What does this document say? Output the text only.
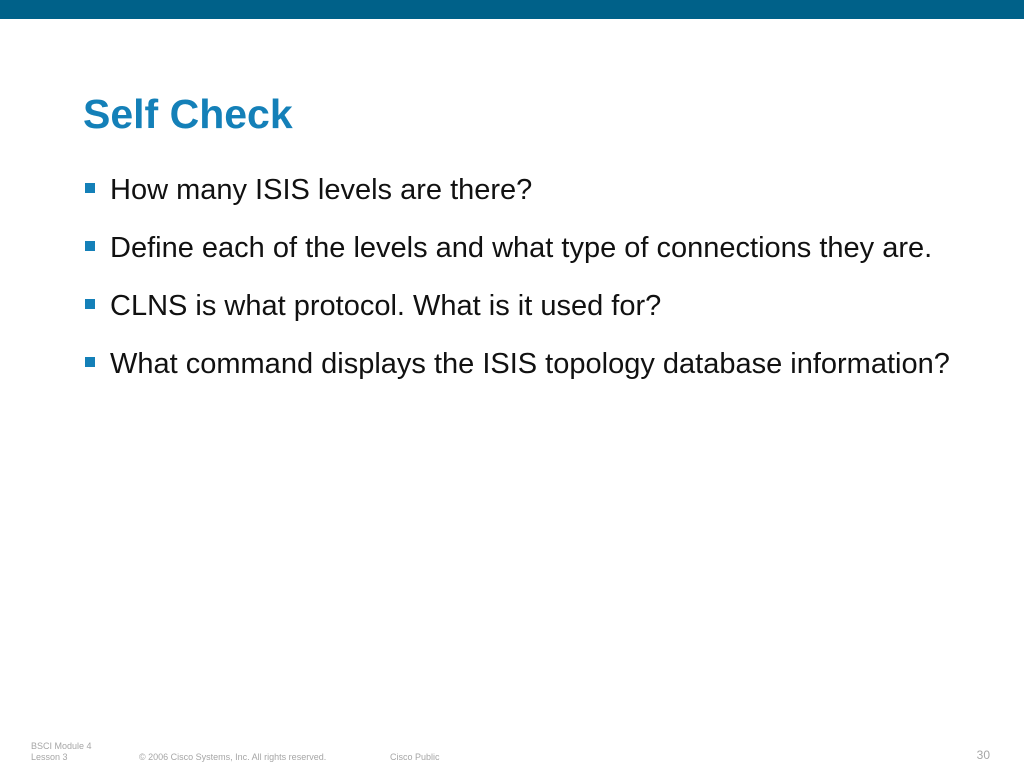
Self Check
How many ISIS levels are there?
Define each of the levels and what type of connections they are.
CLNS is what protocol. What is it used for?
What command displays the ISIS topology database information?
BSCI Module 4
Lesson 3	© 2006 Cisco Systems, Inc. All rights reserved.	Cisco Public	30
